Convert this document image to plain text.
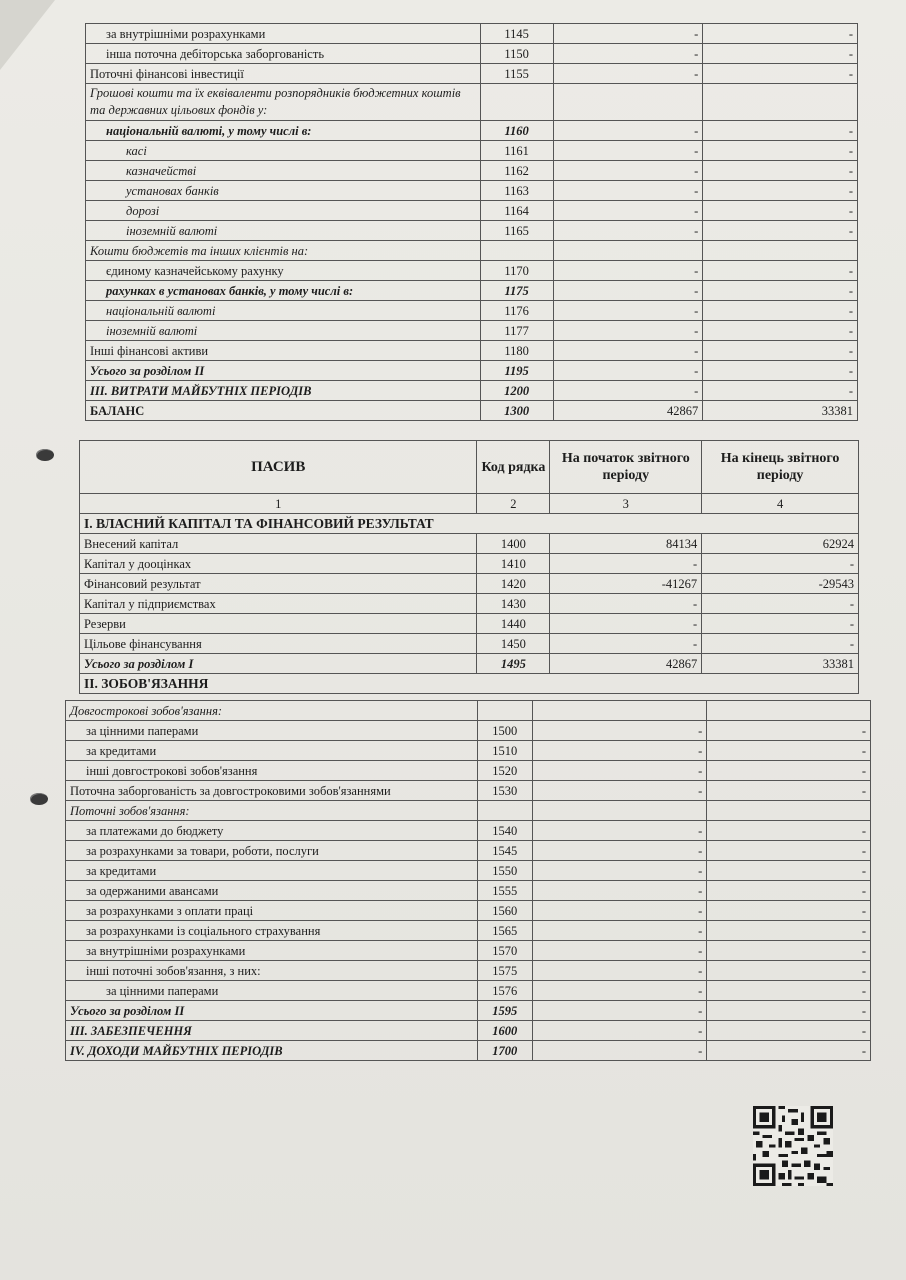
за внутрішніми розрахунками	1145	-	-
інша поточна дебіторська заборгованість	1150	-	-
Поточні фінансові інвестиції	1155	-	-
Грошові кошти та їх еквіваленти розпорядників бюджетних коштів та державних цільових фондів у:			
національній валюті, у тому числі в:	1160	-	-
касі	1161	-	-
казначействі	1162	-	-
установах банків	1163	-	-
дорозі	1164	-	-
іноземній валюті	1165	-	-
Кошти бюджетів та інших клієнтів на:			
єдиному казначейському рахунку	1170	-	-
рахунках в установах банків, у тому числі в:	1175	-	-
національній валюті	1176	-	-
іноземній валюті	1177	-	-
Інші фінансові активи	1180	-	-
Усього за розділом II	1195	-	-
III. ВИТРАТИ МАЙБУТНІХ ПЕРІОДІВ	1200	-	-
БАЛАНС	1300	42867	33381
ПАСИВ	Код рядка	На початок звітного періоду	На кінець звітного періоду
1	2	3	4
I. ВЛАСНИЙ КАПІТАЛ ТА ФІНАНСОВИЙ РЕЗУЛЬТАТ			
Внесений капітал	1400	84134	62924
Капітал у дооцінках	1410	-	-
Фінансовий результат	1420	-41267	-29543
Капітал у підприємствах	1430	-	-
Резерви	1440	-	-
Цільове фінансування	1450	-	-
Усього за розділом I	1495	42867	33381
II. ЗОБОВ'ЯЗАННЯ			
Довгострокові зобов'язання:			
за цінними паперами	1500	-	-
за кредитами	1510	-	-
інші довгострокові зобов'язання	1520	-	-
Поточна заборгованість за довгостроковими зобов'язаннями	1530	-	-
Поточні зобов'язання:			
за платежами до бюджету	1540	-	-
за розрахунками за товари, роботи, послуги	1545	-	-
за кредитами	1550	-	-
за одержаними авансами	1555	-	-
за розрахунками з оплати праці	1560	-	-
за розрахунками із соціального страхування	1565	-	-
за внутрішніми розрахунками	1570	-	-
інші поточні зобов'язання, з них:	1575	-	-
за цінними паперами	1576	-	-
Усього за розділом II	1595	-	-
III. ЗАБЕЗПЕЧЕННЯ	1600	-	-
IV. ДОХОДИ МАЙБУТНІХ ПЕРІОДІВ	1700	-	-
